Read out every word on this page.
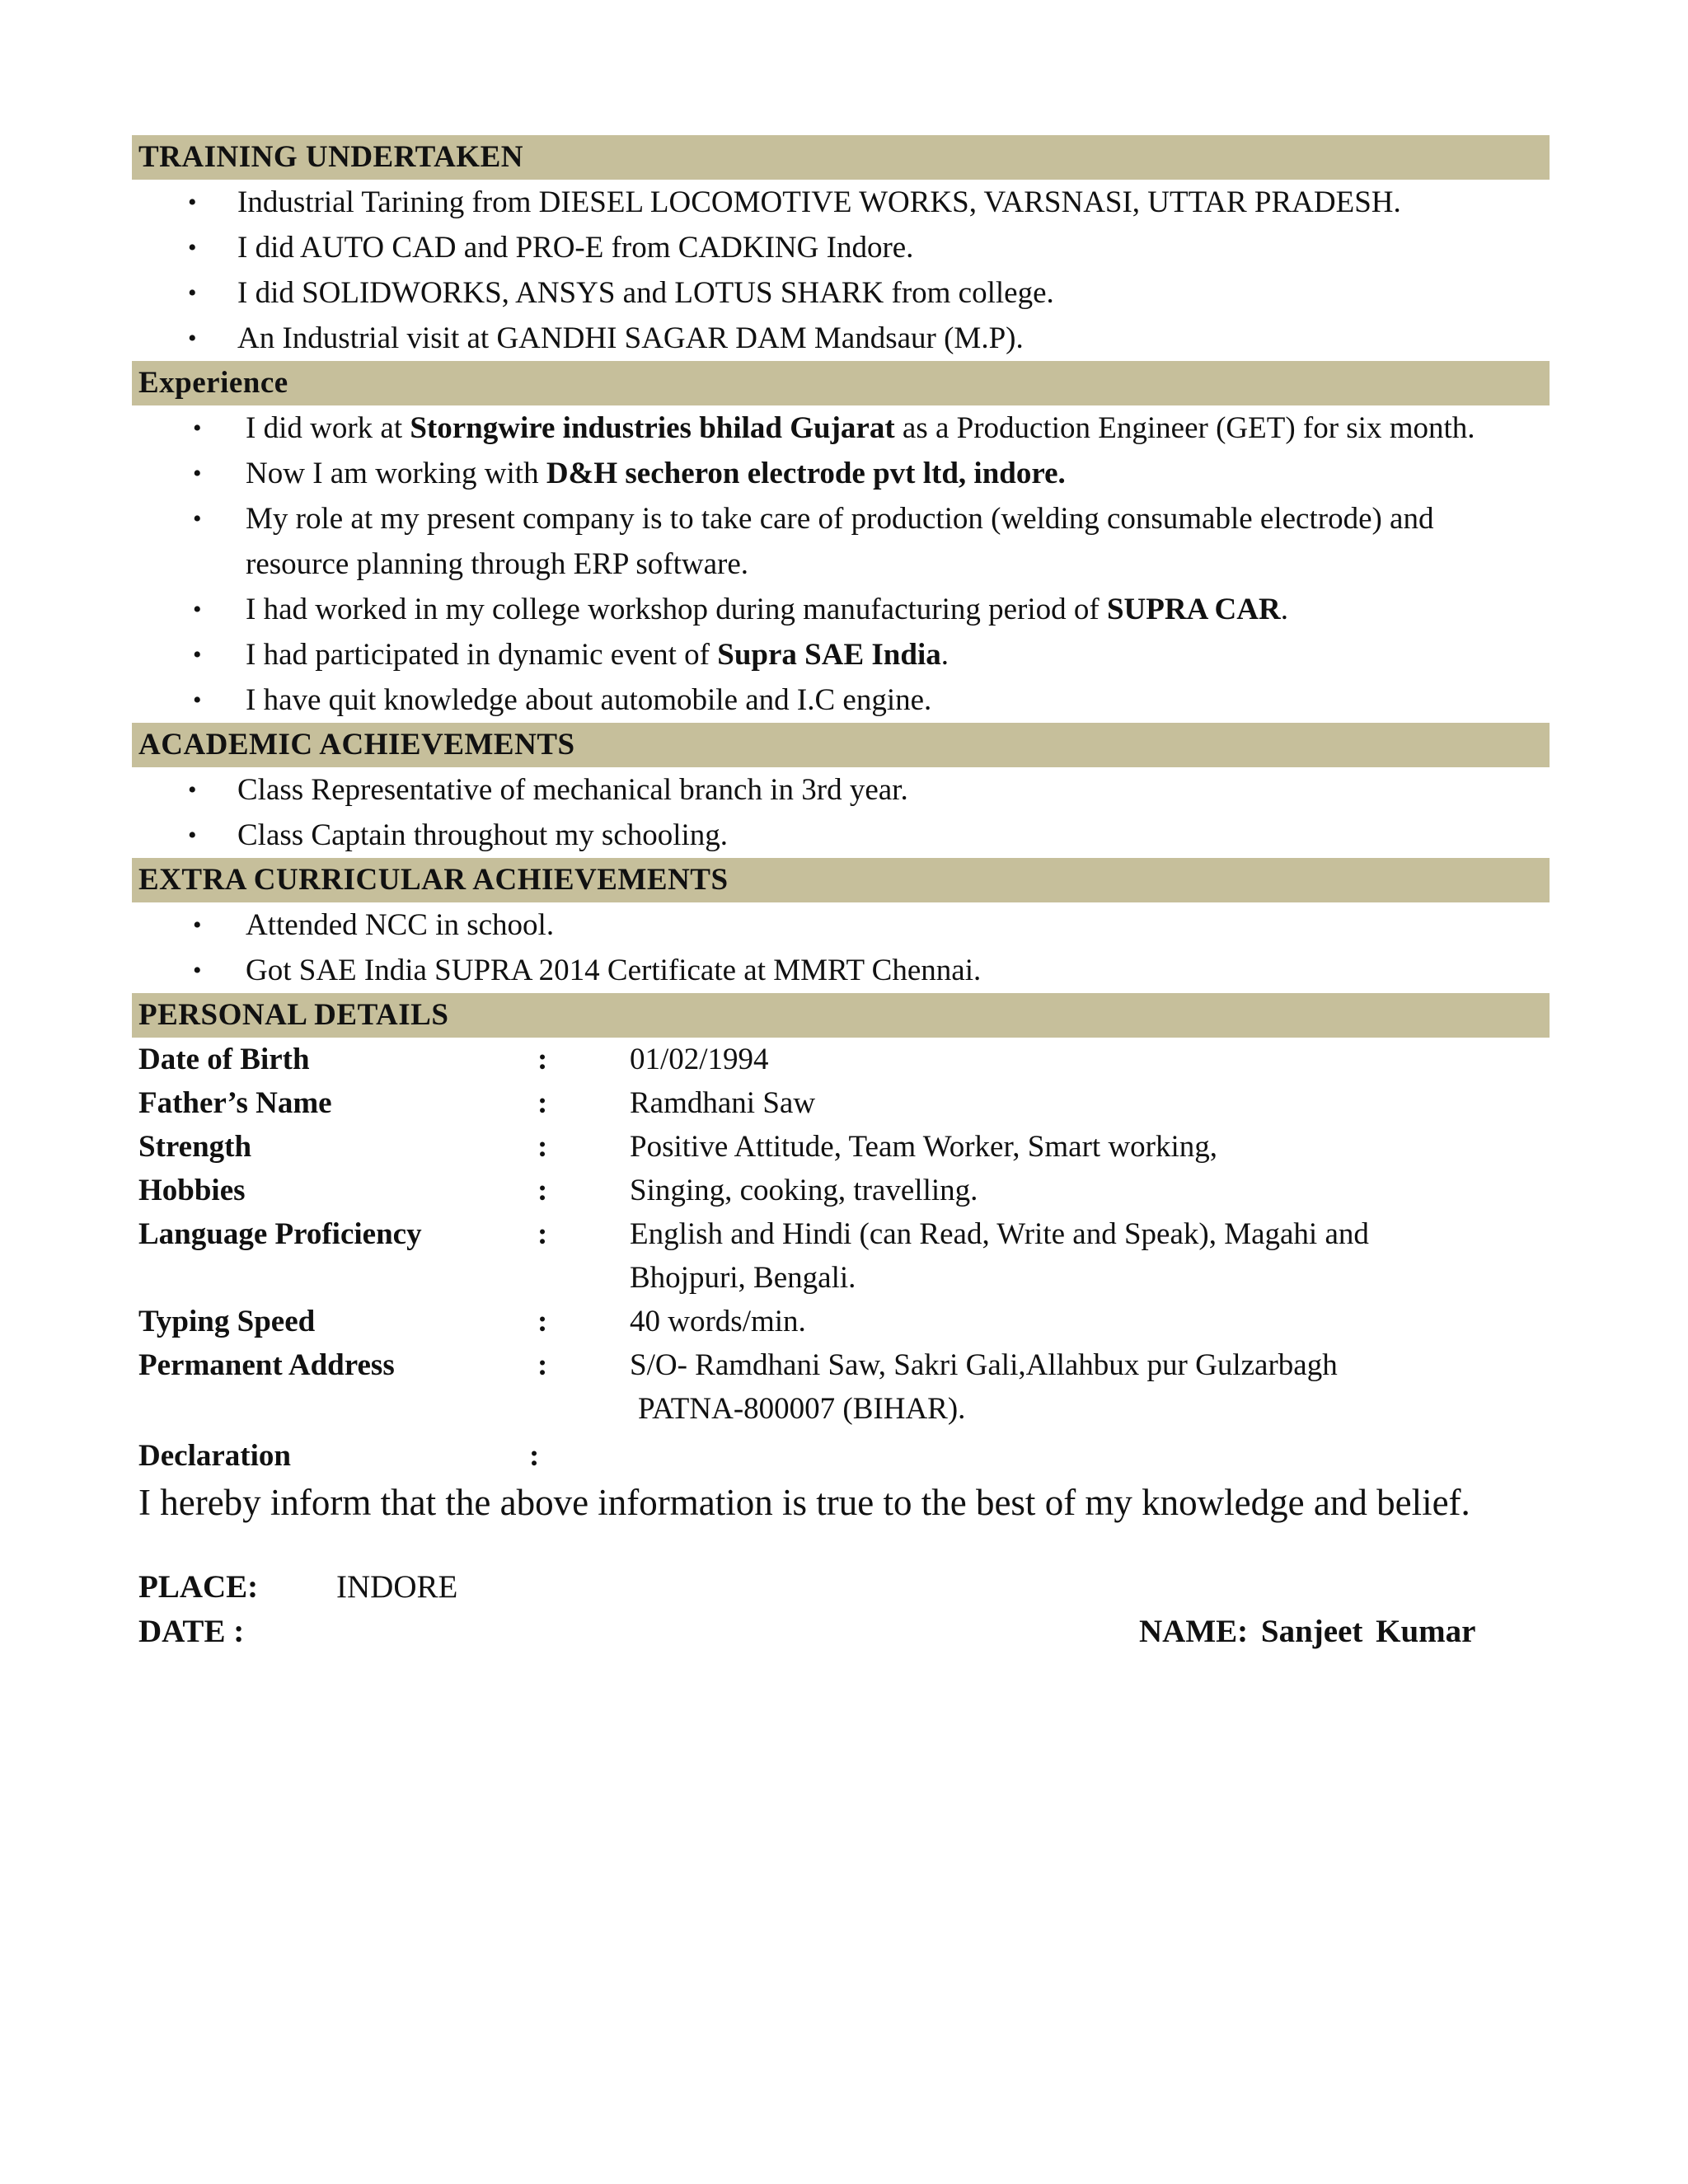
TRAINING UNDERTAKEN
• Industrial Tarining from DIESEL LOCOMOTIVE WORKS, VARSNASI, UTTAR PRADESH.
• I did AUTO CAD and PRO-E from CADKING Indore.
• I did SOLIDWORKS, ANSYS and LOTUS SHARK from college.
• An Industrial visit at GANDHI SAGAR DAM Mandsaur (M.P).
Experience
• I did work at Storngwire industries bhilad Gujarat as a Production Engineer (GET) for six month.
• Now I am working with D&H secheron electrode pvt ltd, indore.
• My role at my present company is to take care of production (welding consumable electrode) and resource planning through ERP software.
• I had worked in my college workshop during manufacturing period of SUPRA CAR.
• I had participated in dynamic event of Supra SAE India.
• I have quit knowledge about automobile and I.C engine.
ACADEMIC ACHIEVEMENTS
• Class Representative of mechanical branch in 3rd year.
• Class Captain throughout my schooling.
EXTRA CURRICULAR ACHIEVEMENTS
• Attended NCC in school.
• Got SAE India SUPRA 2014 Certificate at MMRT Chennai.
PERSONAL DETAILS
Date of Birth	:	01/02/1994
Father’s Name	:	Ramdhani Saw
Strength	:	Positive Attitude, Team Worker, Smart working,
Hobbies	:	Singing, cooking, travelling.
Language Proficiency	:	English and Hindi (can Read, Write and Speak), Magahi and
Bhojpuri, Bengali.

Typing Speed	:	40 words/min.
Permanent Address	:	S/O- Ramdhani Saw, Sakri Gali,Allahbux pur Gulzarbagh
PATNA-800007 (BIHAR).
Declaration	:
I hereby inform that the above information is true to the best of my knowledge and belief.
PLACE: INDORE
DATE :	NAME: Sanjeet Kumar
